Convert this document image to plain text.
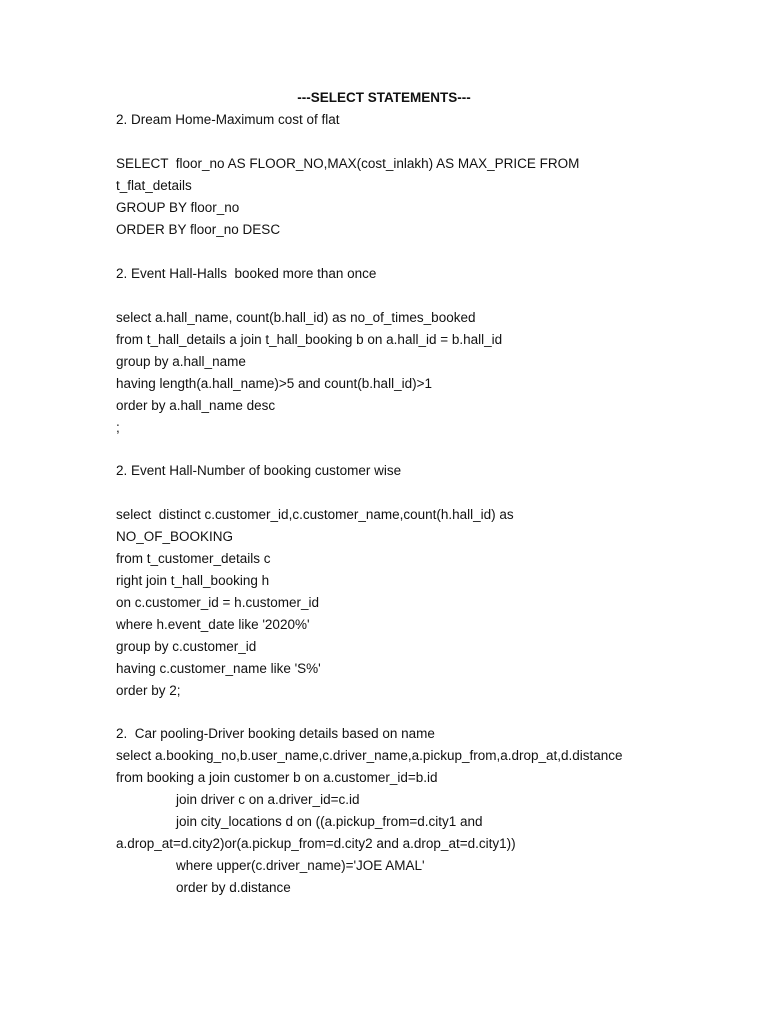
---SELECT STATEMENTS---
2. Dream Home-Maximum cost of flat
SELECT  floor_no AS FLOOR_NO,MAX(cost_inlakh) AS MAX_PRICE FROM
t_flat_details
GROUP BY floor_no
ORDER BY floor_no DESC
2. Event Hall-Halls  booked more than once
select a.hall_name, count(b.hall_id) as no_of_times_booked
from t_hall_details a join t_hall_booking b on a.hall_id = b.hall_id
group by a.hall_name
having length(a.hall_name)>5 and count(b.hall_id)>1
order by a.hall_name desc
;
2. Event Hall-Number of booking customer wise
select  distinct c.customer_id,c.customer_name,count(h.hall_id) as
NO_OF_BOOKING
from t_customer_details c
right join t_hall_booking h
on c.customer_id = h.customer_id
where h.event_date like '2020%'
group by c.customer_id
having c.customer_name like 'S%'
order by 2;
2.  Car pooling-Driver booking details based on name
select a.booking_no,b.user_name,c.driver_name,a.pickup_from,a.drop_at,d.distance
from booking a join customer b on a.customer_id=b.id
join driver c on a.driver_id=c.id
join city_locations d on ((a.pickup_from=d.city1 and
a.drop_at=d.city2)or(a.pickup_from=d.city2 and a.drop_at=d.city1))
where upper(c.driver_name)='JOE AMAL'
order by d.distance
